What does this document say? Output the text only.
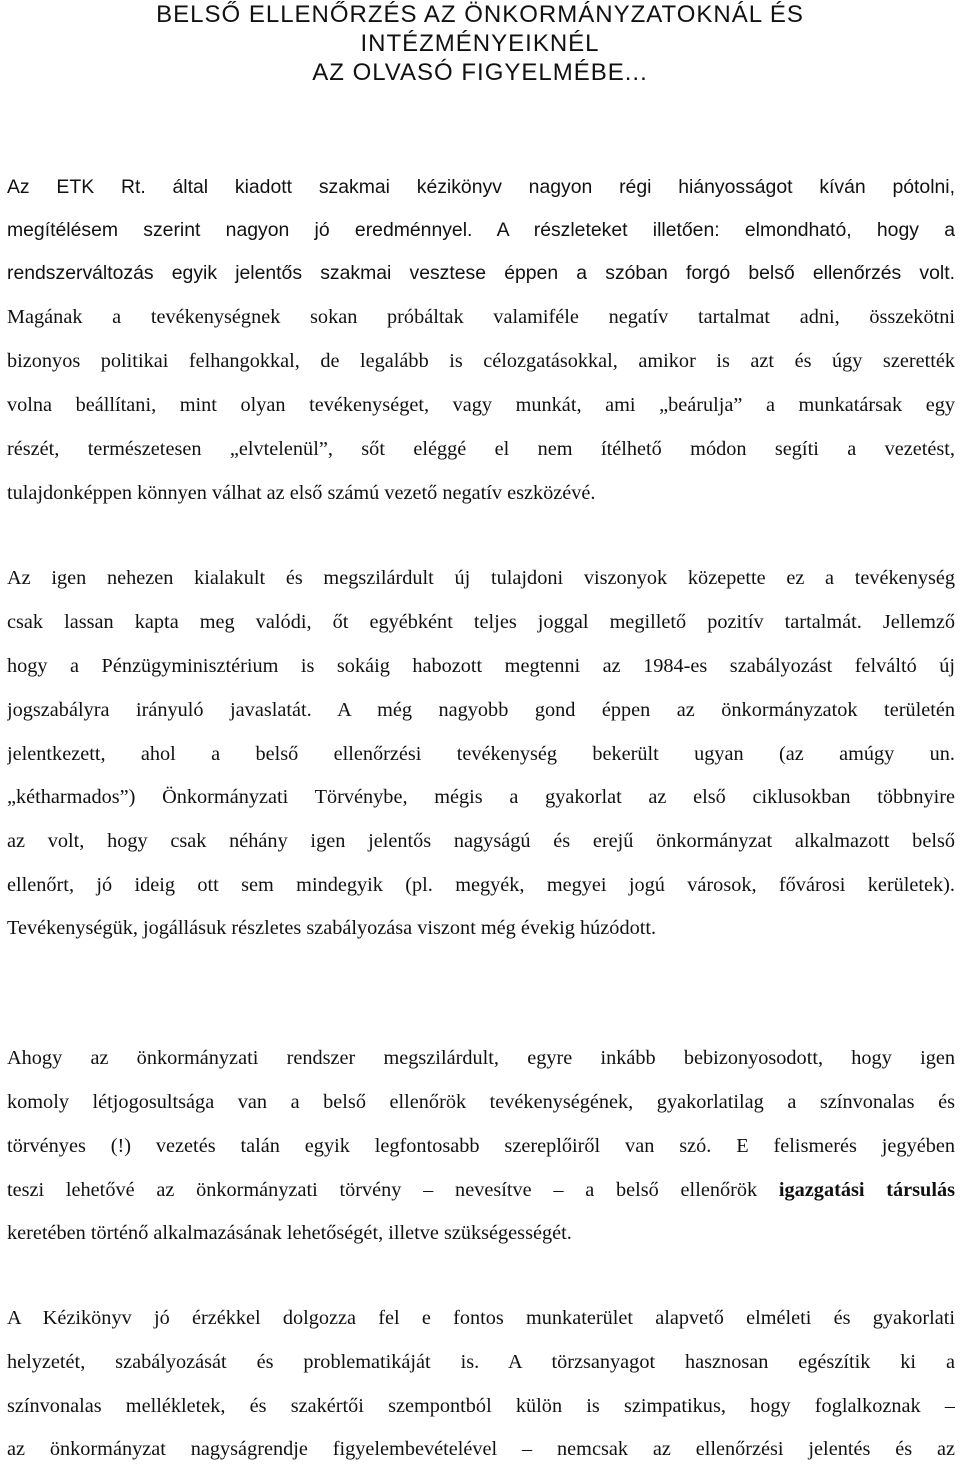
BELSŐ ELLENŐRZÉS AZ ÖNKORMÁNYZATOKNÁL ÉS
INTÉZMÉNYEIKNÉL
AZ OLVASÓ FIGYELMÉBE...
Az ETK Rt. által kiadott szakmai kézikönyv nagyon régi hiányosságot kíván pótolni,
megítélésem szerint nagyon jó eredménnyel. A részleteket illetően: elmondható, hogy a
rendszerváltozás egyik jelentős szakmai vesztese éppen a szóban forgó belső ellenőrzés volt.
Magának a tevékenységnek sokan próbáltak valamiféle negatív tartalmat adni, összekötni
bizonyos politikai felhangokkal, de legalább is célozgatásokkal, amikor is azt és úgy szerették
volna beállítani, mint olyan tevékenységet, vagy munkát, ami „beárulja” a munkatársak egy
részét, természetesen „elvtelenül”, sőt eléggé el nem ítélhető módon segíti a vezetést,
tulajdonképpen könnyen válhat az első számú vezető negatív eszközévé.
Az igen nehezen kialakult és megszilárdult új tulajdoni viszonyok közepette ez a tevékenység
csak lassan kapta meg valódi, őt egyébként teljes joggal megillető pozitív tartalmát. Jellemző
hogy a Pénzügyminisztérium is sokáig habozott megtenni az 1984-es szabályozást felváltó új
jogszabályra irányuló javaslatát. A még nagyobb gond éppen az önkormányzatok területén
jelentkezett, ahol a belső ellenőrzési tevékenység bekerült ugyan (az amúgy un.
„kétharmados”) Önkormányzati Törvénybe, mégis a gyakorlat az első ciklusokban többnyire
az volt, hogy csak néhány igen jelentős nagyságú és erejű önkormányzat alkalmazott belső
ellenőrt, jó ideig ott sem mindegyik (pl. megyék, megyei jogú városok, fővárosi kerületek).
Tevékenységük, jogállásuk részletes szabályozása viszont még évekig húzódott.
Ahogy az önkormányzati rendszer megszilárdult, egyre inkább bebizonyosodott, hogy igen
komoly létjogosultsága van a belső ellenőrök tevékenységének, gyakorlatilag a színvonalas és
törvényes (!) vezetés talán egyik legfontosabb szereplőiről van szó. E felismerés jegyében
teszi lehetővé az önkormányzati törvény – nevesítve – a belső ellenőrök igazgatási társulás
keretében történő alkalmazásának lehetőségét, illetve szükségességét.
A Kézikönyv jó érzékkel dolgozza fel e fontos munkaterület alapvető elméleti és gyakorlati
helyzetét, szabályozását és problematikáját is. A törzsanyagot hasznosan egészítik ki a
színvonalas mellékletek, és szakértői szempontból külön is szimpatikus, hogy foglalkoznak –
az önkormányzat nagyságrendje figyelembevételével – nemcsak az ellenőrzési jelentés és az
